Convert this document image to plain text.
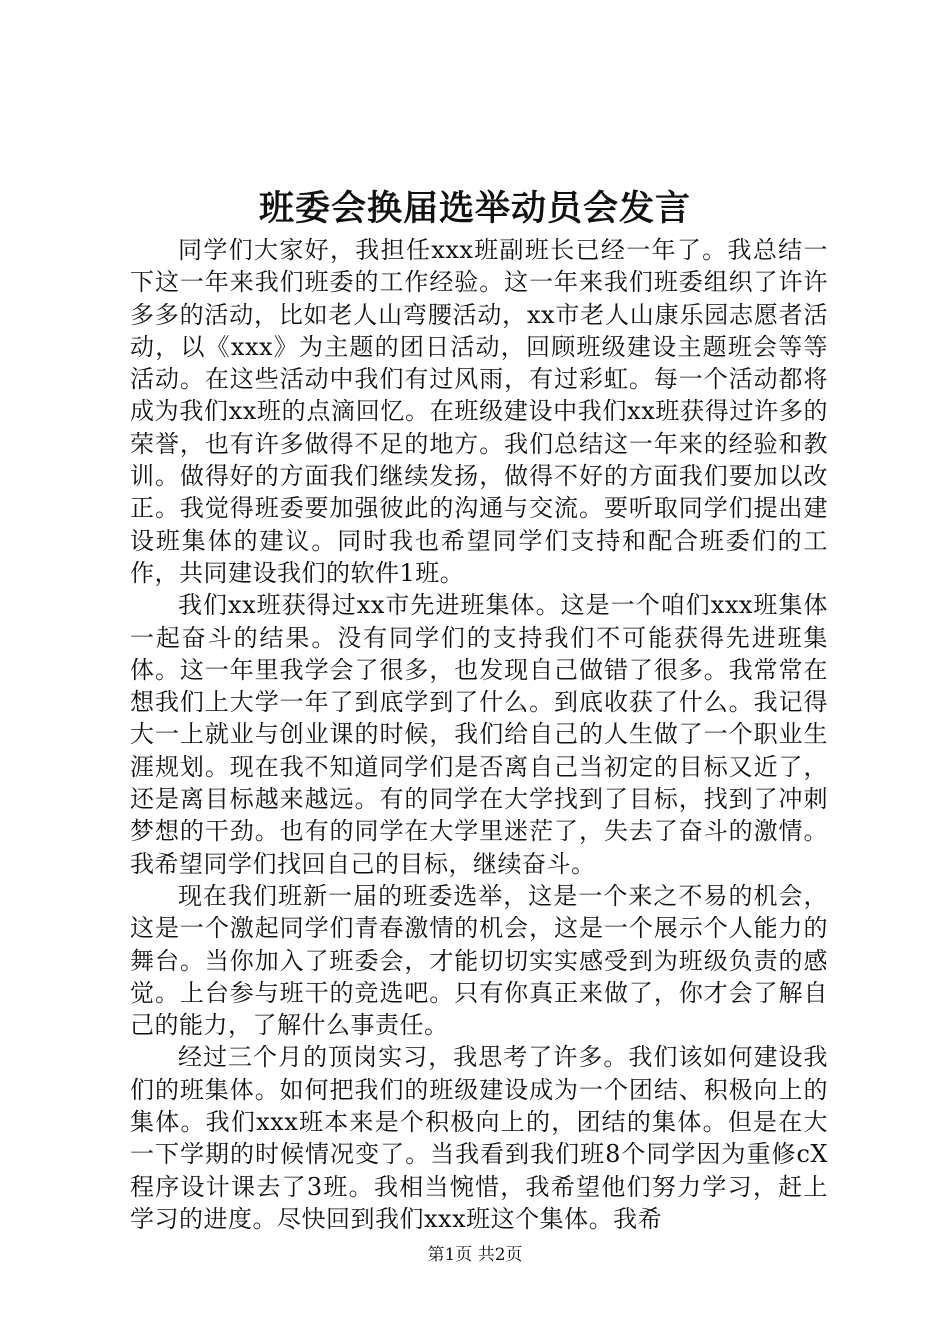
班委会换届选举动员会发言

同学们大家好，我担任xxx班副班长已经一年了。我总结一下这一年来我们班委的工作经验。这一年来我们班委组织了许许多多的活动，比如老人山弯腰活动，xx市老人山康乐园志愿者活动，以《xxx》为主题的团日活动，回顾班级建设主题班会等等活动。在这些活动中我们有过风雨，有过彩虹。每一个活动都将成为我们xx班的点滴回忆。在班级建设中我们xx班获得过许多的荣誉，也有许多做得不足的地方。我们总结这一年来的经验和教训。做得好的方面我们继续发扬，做得不好的方面我们要加以改正。我觉得班委要加强彼此的沟通与交流。要听取同学们提出建设班集体的建议。同时我也希望同学们支持和配合班委们的工作，共同建设我们的软件1班。

我们xx班获得过xx市先进班集体。这是一个咱们xxx班集体一起奋斗的结果。没有同学们的支持我们不可能获得先进班集体。这一年里我学会了很多，也发现自己做错了很多。我常常在想我们上大学一年了到底学到了什么。到底收获了什么。我记得大一上就业与创业课的时候，我们给自己的人生做了一个职业生涯规划。现在我不知道同学们是否离自己当初定的目标又近了，还是离目标越来越远。有的同学在大学找到了目标，找到了冲刺梦想的干劲。也有的同学在大学里迷茫了，失去了奋斗的激情。我希望同学们找回自己的目标，继续奋斗。

现在我们班新一届的班委选举，这是一个来之不易的机会，这是一个激起同学们青春激情的机会，这是一个展示个人能力的舞台。当你加入了班委会，才能切切实实感受到为班级负责的感觉。上台参与班干的竞选吧。只有你真正来做了，你才会了解自己的能力，了解什么事责任。

经过三个月的顶岗实习，我思考了许多。我们该如何建设我们的班集体。如何把我们的班级建设成为一个团结、积极向上的集体。我们xxx班本来是个积极向上的，团结的集体。但是在大一下学期的时候情况变了。当我看到我们班8个同学因为重修cX程序设计课去了3班。我相当惋惜，我希望他们努力学习，赶上学习的进度。尽快回到我们xxx班这个集体。我希

第1页 共2页
